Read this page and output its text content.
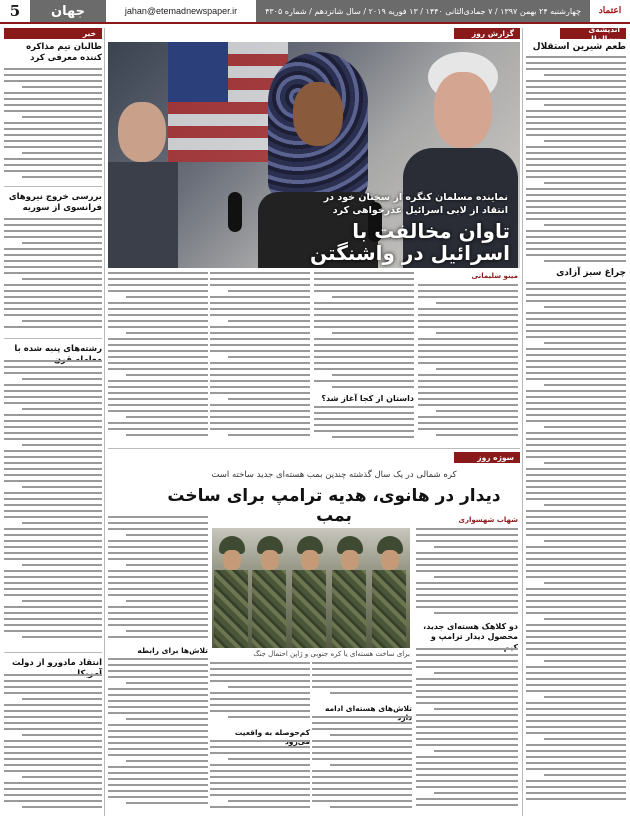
5	جهان	jahan@etemadnewspaper.ir	چهارشنبه ۲۴ بهمن ۱۳۹۷ / ۷ جمادی‌الثانی ۱۴۴۰ / ۱۳ فوریه ۲۰۱۹ / سال شانزدهم / شماره ۴۳۰۵	اعتماد
اندیشه‌ی بین‌الملل
طعم شیرین استقلال
چراغ سبز آزادی
گزارش روز
نماینده مسلمان کنگره از سخنان خود در انتقاد از لابی اسرائیل عذرخواهی کرد
تاوان مخالفت با اسرائیل در واشنگتن
مینو سلیمانی
داستان از کجا آغاز شد؟
سوژه روز
کره شمالی در یک سال گذشته چندین بمب هسته‌ای جدید ساخته است
دیدار در هانوی، هدیه ترامپ برای ساخت بمب	شهاب شهسواری
دو کلاهک هسته‌ای جدید، محصول دیدار ترامپ و
برای ساخت هسته‌ای یا کره جنوبی و ژاپن احتمال جنگ
تلاش‌های هسته‌ای ادامه
کم‌حوصله به واقعیت
تلاش‌ها برای رابطه
خبر
طالبان تیم مذاکره کننده معرفی کرد
بررسی خروج نیروهای فرانسوی از سوریه
رشته‌های پنبه شده با
انتقاد مادورو از دولت
